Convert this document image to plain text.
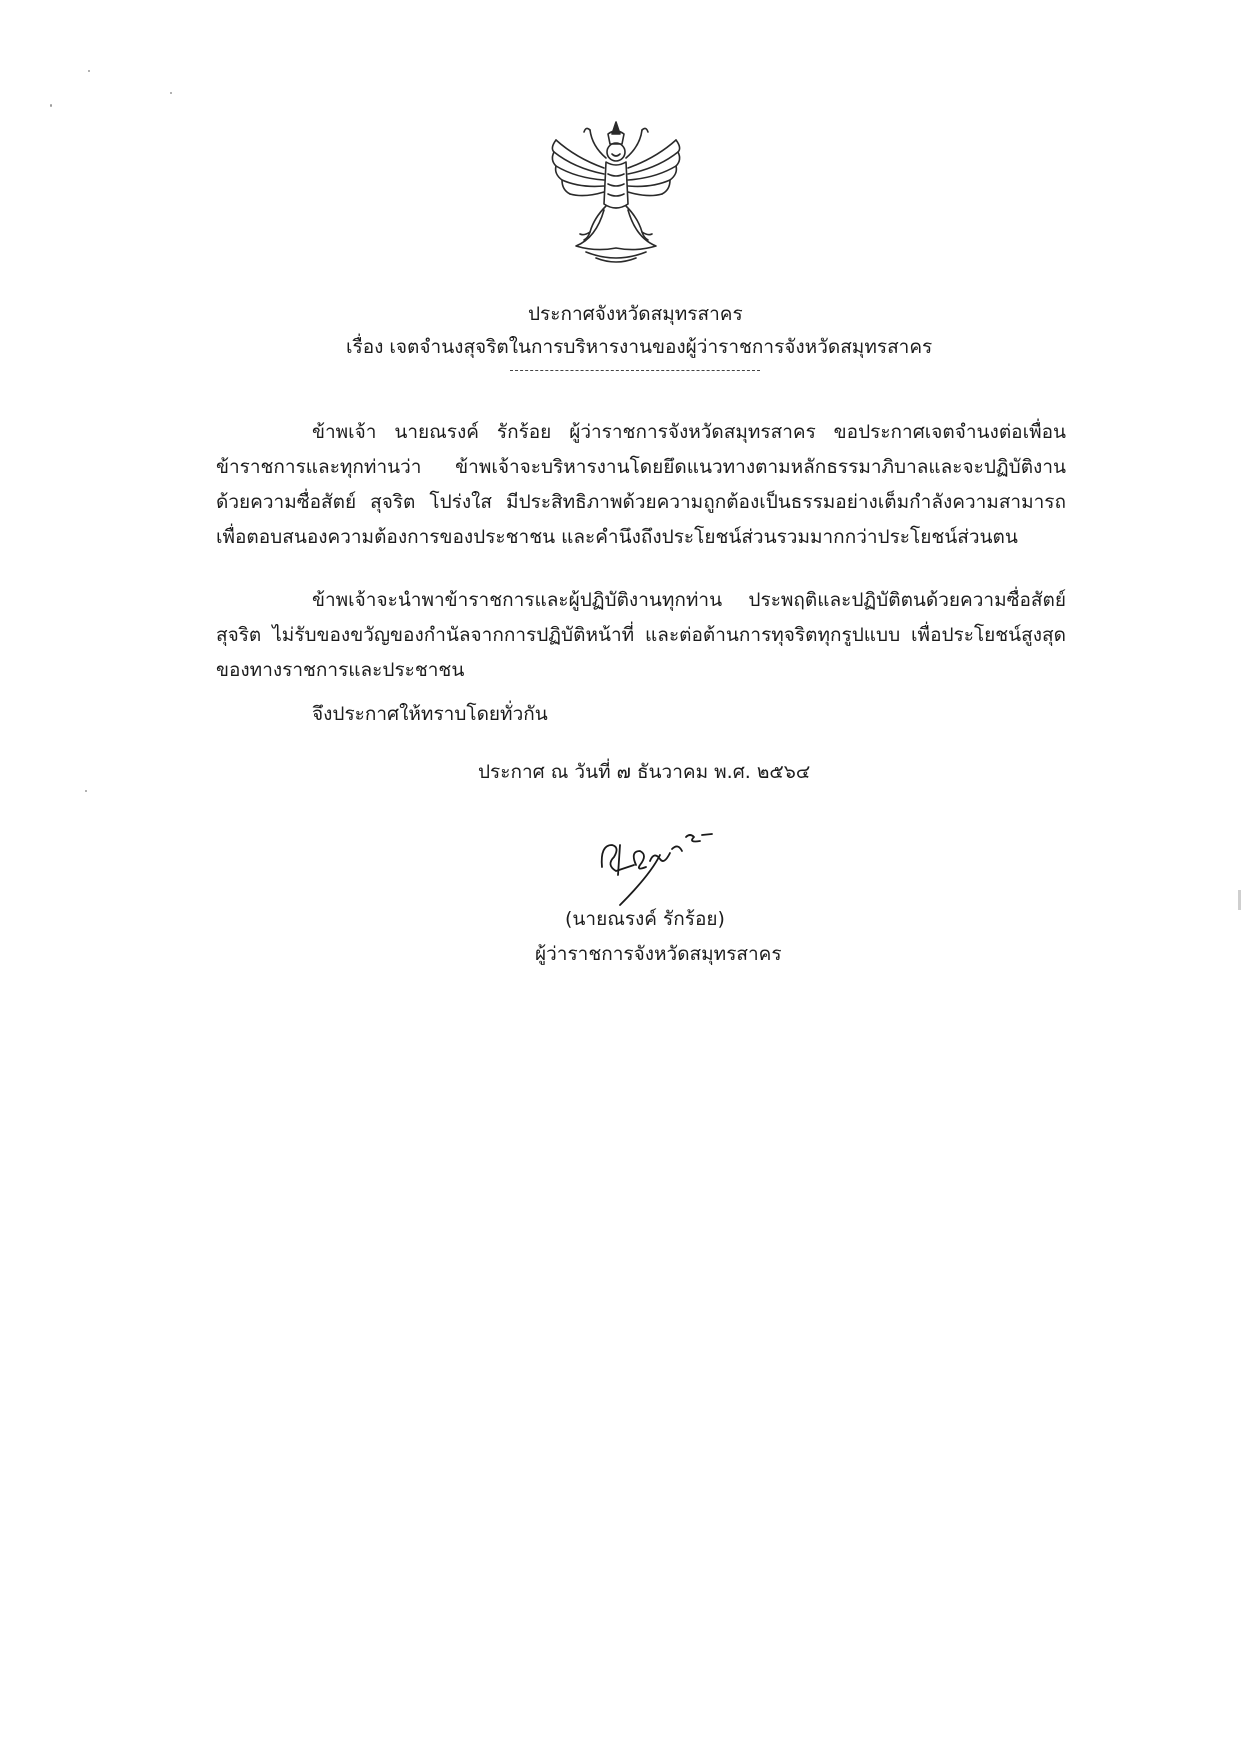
ประกาศจังหวัดสมุทรสาคร
เรื่อง เจตจำนงสุจริตในการบริหารงานของผู้ว่าราชการจังหวัดสมุทรสาคร
ข้าพเจ้า นายณรงค์ รักร้อย ผู้ว่าราชการจังหวัดสมุทรสาคร ขอประกาศเจตจำนงต่อเพื่อนข้าราชการและทุกท่านว่า ข้าพเจ้าจะบริหารงานโดยยึดแนวทางตามหลักธรรมาภิบาลและจะปฏิบัติงานด้วยความซื่อสัตย์ สุจริต โปร่งใส มีประสิทธิภาพด้วยความถูกต้องเป็นธรรมอย่างเต็มกำลังความสามารถเพื่อตอบสนองความต้องการของประชาชน และคำนึงถึงประโยชน์ส่วนรวมมากกว่าประโยชน์ส่วนตน
ข้าพเจ้าจะนำพาข้าราชการและผู้ปฏิบัติงานทุกท่าน ประพฤติและปฏิบัติตนด้วยความซื่อสัตย์สุจริต ไม่รับของขวัญของกำนัลจากการปฏิบัติหน้าที่ และต่อต้านการทุจริตทุกรูปแบบ เพื่อประโยชน์สูงสุดของทางราชการและประชาชน
จึงประกาศให้ทราบโดยทั่วกัน
ประกาศ ณ วันที่ ๗ ธันวาคม พ.ศ. ๒๕๖๔
(นายณรงค์ รักร้อย)
ผู้ว่าราชการจังหวัดสมุทรสาคร
